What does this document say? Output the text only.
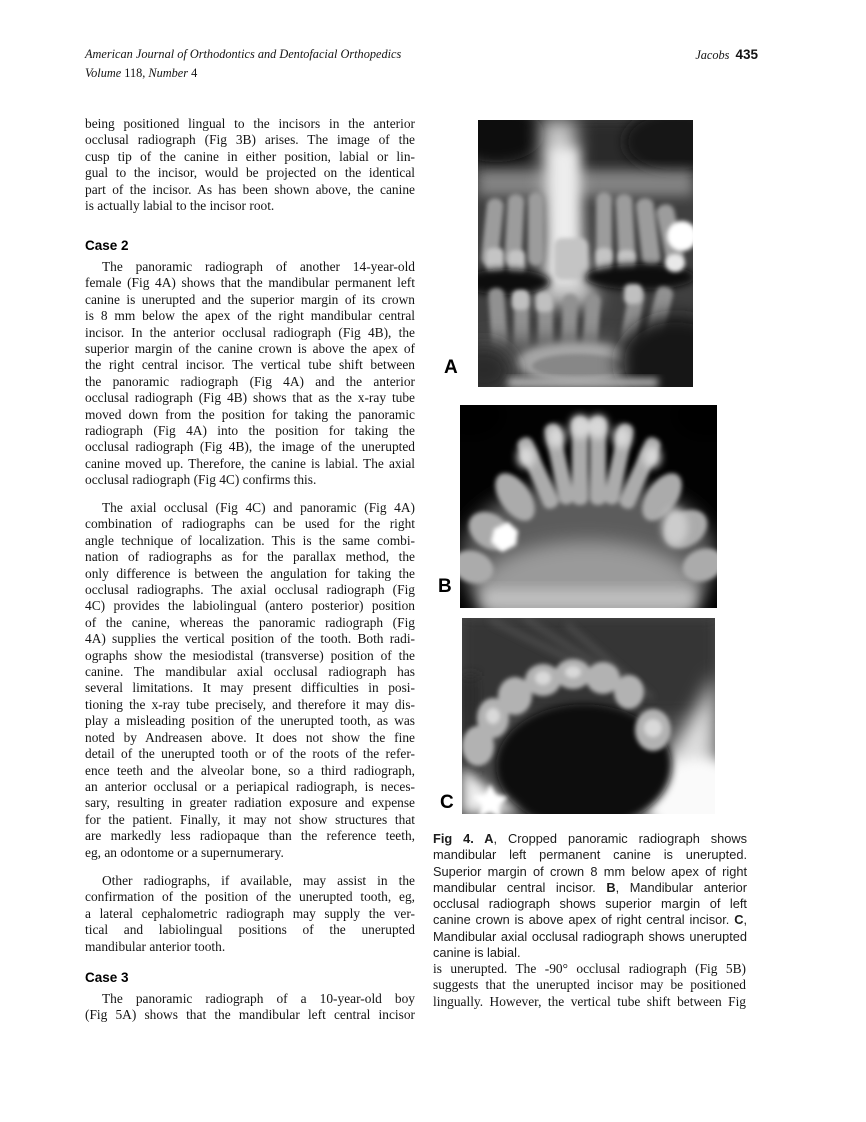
American Journal of Orthodontics and Dentofacial Orthopedics
Volume 118, Number 4
Jacobs 435
being positioned lingual to the incisors in the anterior
occlusal radiograph (Fig 3B) arises. The image of the
cusp tip of the canine in either position, labial or lin-
gual to the incisor, would be projected on the identical
part of the incisor. As has been shown above, the canine
is actually labial to the incisor root.
Case 2
The panoramic radiograph of another 14-year-old
female (Fig 4A) shows that the mandibular permanent left
canine is unerupted and the superior margin of its crown
is 8 mm below the apex of the right mandibular central
incisor. In the anterior occlusal radiograph (Fig 4B), the
superior margin of the canine crown is above the apex of
the right central incisor. The vertical tube shift between
the panoramic radiograph (Fig 4A) and the anterior
occlusal radiograph (Fig 4B) shows that as the x-ray tube
moved down from the position for taking the panoramic
radiograph (Fig 4A) into the position for taking the
occlusal radiograph (Fig 4B), the image of the unerupted
canine moved up. Therefore, the canine is labial. The axial
occlusal radiograph (Fig 4C) confirms this.
The axial occlusal (Fig 4C) and panoramic (Fig 4A)
combination of radiographs can be used for the right
angle technique of localization. This is the same combi-
nation of radiographs as for the parallax method, the
only difference is between the angulation for taking the
occlusal radiographs. The axial occlusal radiograph (Fig
4C) provides the labiolingual (antero posterior) position
of the canine, whereas the panoramic radiograph (Fig
4A) supplies the vertical position of the tooth. Both radi-
ographs show the mesiodistal (transverse) position of the
canine. The mandibular axial occlusal radiograph has
several limitations. It may present difficulties in posi-
tioning the x-ray tube precisely, and therefore it may dis-
play a misleading position of the unerupted tooth, as was
noted by Andreasen above. It does not show the fine
detail of the unerupted tooth or of the roots of the refer-
ence teeth and the alveolar bone, so a third radiograph,
an anterior occlusal or a periapical radiograph, is neces-
sary, resulting in greater radiation exposure and expense
for the patient. Finally, it may not show structures that
are markedly less radiopaque than the reference teeth,
eg, an odontome or a supernumerary.
Other radiographs, if available, may assist in the
confirmation of the position of the unerupted tooth, eg,
a lateral cephalometric radiograph may supply the ver-
tical and labiolingual positions of the unerupted
mandibular anterior tooth.
Case 3
The panoramic radiograph of a 10-year-old boy
(Fig 5A) shows that the mandibular left central incisor
A
B
C
Fig 4. A, Cropped panoramic radiograph shows mandibular left permanent canine is unerupted. Superior margin of crown 8 mm below apex of right mandibular central incisor. B, Mandibular anterior occlusal radiograph shows superior margin of left canine crown is above apex of right central incisor. C, Mandibular axial occlusal radiograph shows unerupted canine is labial.
is unerupted. The -90° occlusal radiograph (Fig 5B)
suggests that the unerupted incisor may be positioned
lingually. However, the vertical tube shift between Fig
